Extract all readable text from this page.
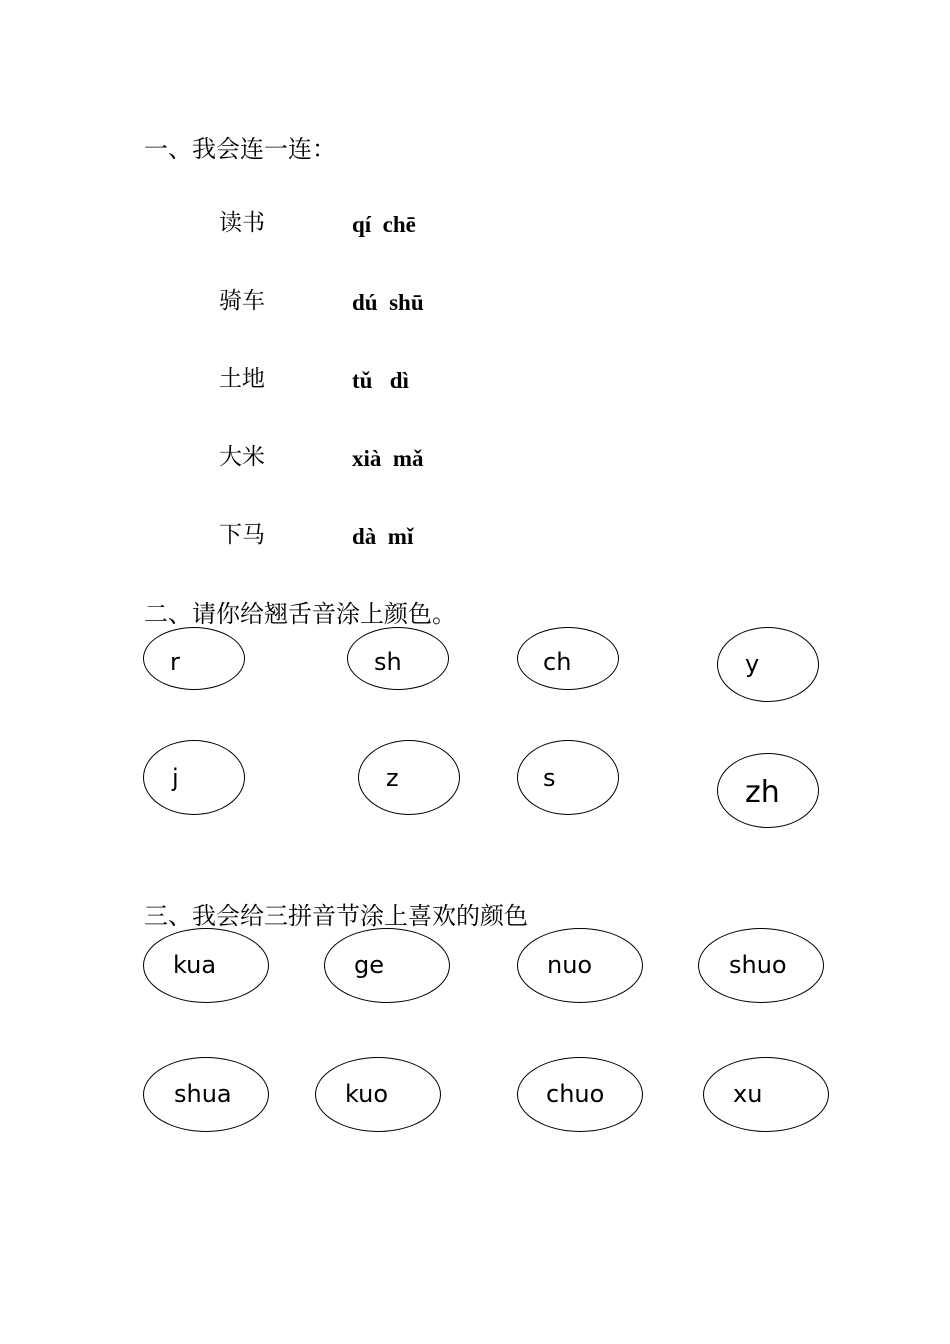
一、我会连一连：
读书
骑车
土地
大米
下马
qí  chē
dú  shū
tǔ   dì
xià  mǎ
dà  mǐ
二、请你给翘舌音涂上颜色。
r	sh	ch	y
j	z	s	zh
三、我会给三拼音节涂上喜欢的颜色
kua	ge	nuo	shuo
shua	kuo	chuo	xu
